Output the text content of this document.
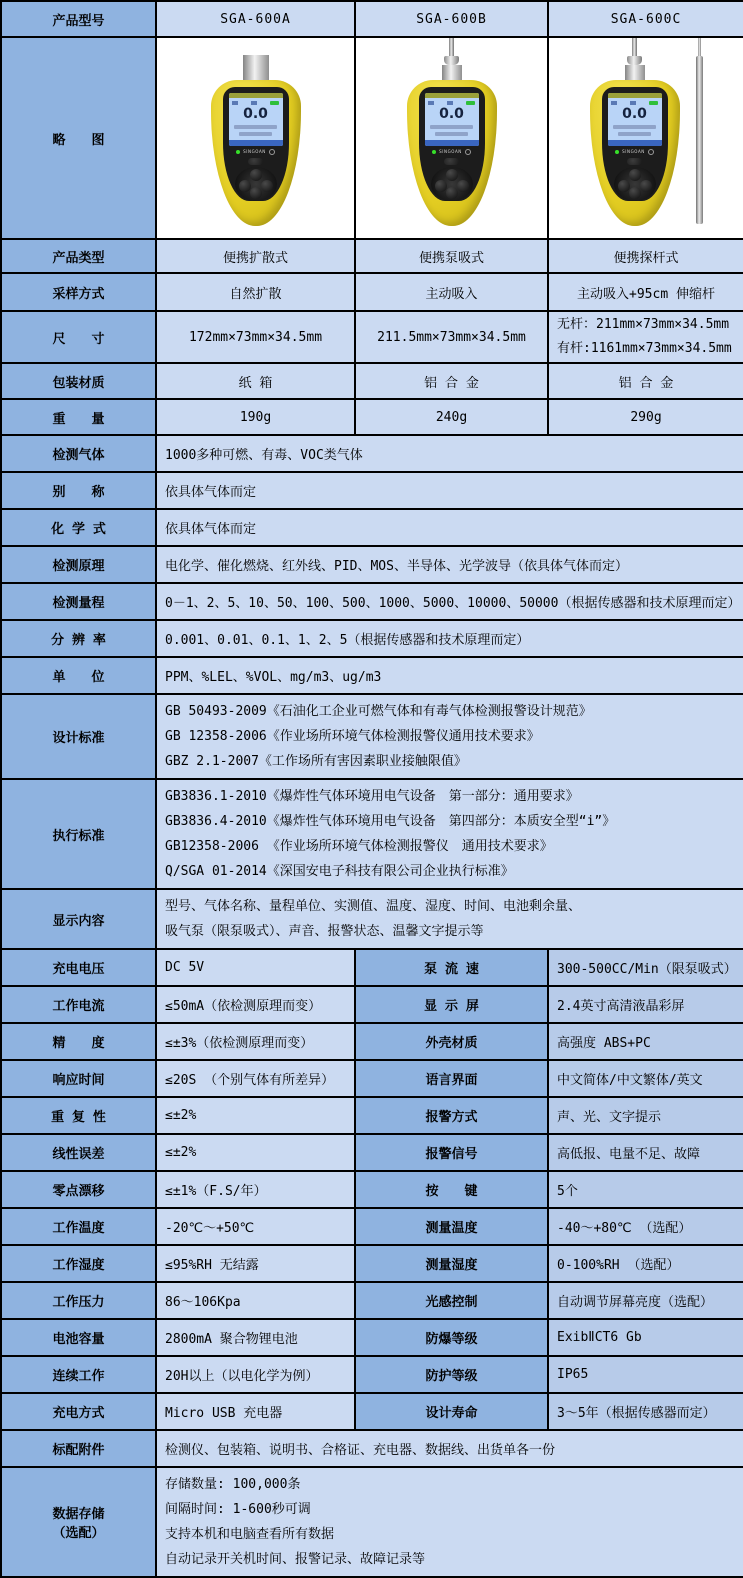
产品型号	SGA-600A	SGA-600B	SGA-600C
略　　图	
0.0
SINGOAN

0.0
SINGOAN

0.0
SINGOAN

产品类型	便携扩散式	便携泵吸式	便携探杆式
采样方式	自然扩散	主动吸入	主动吸入+95cm 伸缩杆
尺　　寸	172mm×73mm×34.5mm	211.5mm×73mm×34.5mm	无杆：211mm×73mm×34.5mm
有杆:1161mm×73mm×34.5mm

包装材质	纸 箱	铝 合 金	铝 合 金
重　　量	190g	240g	290g
检测气体	1000多种可燃、有毒、VOC类气体		
别　　称	依具体气体而定		
化 学 式	依具体气体而定		
检测原理	电化学、催化燃烧、红外线、PID、MOS、半导体、光学波导（依具体气体而定）		
检测量程	0－1、2、5、10、50、100、500、1000、5000、10000、50000（根据传感器和技术原理而定）		
分 辨 率	0.001、0.01、0.1、1、2、5（根据传感器和技术原理而定）		
单　　位	PPM、%LEL、%VOL、mg/m3、ug/m3		
设计标准	GB 50493-2009《石油化工企业可燃气体和有毒气体检测报警设计规范》
GB 12358-2006《作业场所环境气体检测报警仪通用技术要求》
GBZ 2.1-2007《工作场所有害因素职业接触限值》		

执行标准	GB3836.1-2010《爆炸性气体环境用电气设备　第一部分：通用要求》
GB3836.4-2010《爆炸性气体环境用电气设备　第四部分：本质安全型“i”》
GB12358-2006 《作业场所环境气体检测报警仪　通用技术要求》
Q/SGA 01-2014《深国安电子科技有限公司企业执行标准》		

显示内容	型号、气体名称、量程单位、实测值、温度、湿度、时间、电池剩余量、
吸气泵（限泵吸式）、声音、报警状态、温馨文字提示等		

充电电压	DC 5V	泵 流 速	300-500CC/Min（限泵吸式）
工作电流	≤50mA（依检测原理而变）	显 示 屏	2.4英寸高清液晶彩屏
精　　度	≤±3%（依检测原理而变）	外壳材质	高强度 ABS+PC
响应时间	≤20S （个别气体有所差异）	语言界面	中文简体/中文繁体/英文
重 复 性	≤±2%	报警方式	声、光、文字提示
线性误差	≤±2%	报警信号	高低报、电量不足、故障
零点漂移	≤±1%（F.S/年）	按　　键	5个
工作温度	-20℃～+50℃	测量温度	-40～+80℃ （选配）
工作湿度	≤95%RH 无结露	测量湿度	0-100%RH （选配）
工作压力	86～106Kpa	光感控制	自动调节屏幕亮度（选配）
电池容量	2800mA 聚合物锂电池	防爆等级	ExibⅡCT6 Gb
连续工作	20H以上（以电化学为例）	防护等级	IP65
充电方式	Micro USB 充电器	设计寿命	3～5年（根据传感器而定）
标配附件	检测仪、包装箱、说明书、合格证、充电器、数据线、出货单各一份		

数据存储
（选配）

存储数量: 100,000条
间隔时间: 1-600秒可调
支持本机和电脑查看所有数据
自动记录开关机时间、报警记录、故障记录等
